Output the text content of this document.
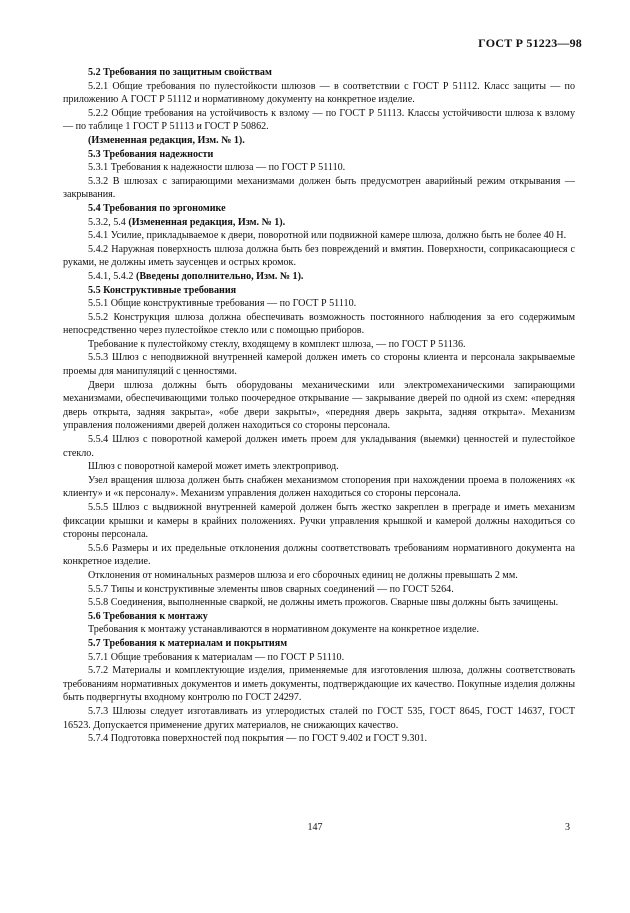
ГОСТ Р 51223—98

5.2 Требования по защитным свойствам

5.2.1 Общие требования по пулестойкости шлюзов — в соответствии с ГОСТ Р 51112. Класс защиты — по приложению А ГОСТ Р 51112 и нормативному документу на конкретное изделие.

5.2.2 Общие требования на устойчивость к взлому — по ГОСТ Р 51113. Классы устойчивости шлюза к взлому — по таблице 1 ГОСТ Р 51113 и ГОСТ Р 50862.

(Измененная редакция, Изм. № 1).

5.3 Требования надежности

5.3.1 Требования к надежности шлюза — по ГОСТ Р 51110.

5.3.2 В шлюзах с запирающими механизмами должен быть предусмотрен аварийный режим открывания — закрывания.

5.4 Требования по эргономике

5.3.2, 5.4 (Измененная редакция, Изм. № 1).

5.4.1 Усилие, прикладываемое к двери, поворотной или подвижной камере шлюза, должно быть не более 40 Н.

5.4.2 Наружная поверхность шлюза должна быть без повреждений и вмятин. Поверхности, соприкасающиеся с руками, не должны иметь заусенцев и острых кромок.

5.4.1, 5.4.2 (Введены дополнительно, Изм. № 1).

5.5 Конструктивные требования

5.5.1 Общие конструктивные требования — по ГОСТ Р 51110.

5.5.2 Конструкция шлюза должна обеспечивать возможность постоянного наблюдения за его содержимым непосредственно через пулестойкое стекло или с помощью приборов.

Требование к пулестойкому стеклу, входящему в комплект шлюза, — по ГОСТ Р 51136.

5.5.3 Шлюз с неподвижной внутренней камерой должен иметь со стороны клиента и персонала закрываемые проемы для манипуляций с ценностями.

Двери шлюза должны быть оборудованы механическими или электромеханическими запирающими механизмами, обеспечивающими только поочередное открывание — закрывание дверей по одной из схем: «передняя дверь открыта, задняя закрыта», «обе двери закрыты», «передняя дверь закрыта, задняя открыта». Механизм управления положениями дверей должен находиться со стороны персонала.

5.5.4 Шлюз с поворотной камерой должен иметь проем для укладывания (выемки) ценностей и пулестойкое стекло.

Шлюз с поворотной камерой может иметь электропривод.

Узел вращения шлюза должен быть снабжен механизмом стопорения при нахождении проема в положениях «к клиенту» и «к персоналу». Механизм управления должен находиться со стороны персонала.

5.5.5 Шлюз с выдвижной внутренней камерой должен быть жестко закреплен в преграде и иметь механизм фиксации крышки и камеры в крайних положениях. Ручки управления крышкой и камерой должны находиться со стороны персонала.

5.5.6 Размеры и их предельные отклонения должны соответствовать требованиям нормативного документа на конкретное изделие.

Отклонения от номинальных размеров шлюза и его сборочных единиц не должны превышать 2 мм.

5.5.7 Типы и конструктивные элементы швов сварных соединений — по ГОСТ 5264.

5.5.8 Соединения, выполненные сваркой, не должны иметь прожогов. Сварные швы должны быть зачищены.

5.6 Требования к монтажу

Требования к монтажу устанавливаются в нормативном документе на конкретное изделие.

5.7 Требования к материалам и покрытиям

5.7.1 Общие требования к материалам — по ГОСТ Р 51110.

5.7.2 Материалы и комплектующие изделия, применяемые для изготовления шлюза, должны соответствовать требованиям нормативных документов и иметь документы, подтверждающие их качество. Покупные изделия должны быть подвергнуты входному контролю по ГОСТ 24297.

5.7.3 Шлюзы следует изготавливать из углеродистых сталей по ГОСТ 535, ГОСТ 8645, ГОСТ 14637, ГОСТ 16523. Допускается применение других материалов, не снижающих качество.

5.7.4 Подготовка поверхностей под покрытия — по ГОСТ 9.402 и ГОСТ 9.301.

147	3
